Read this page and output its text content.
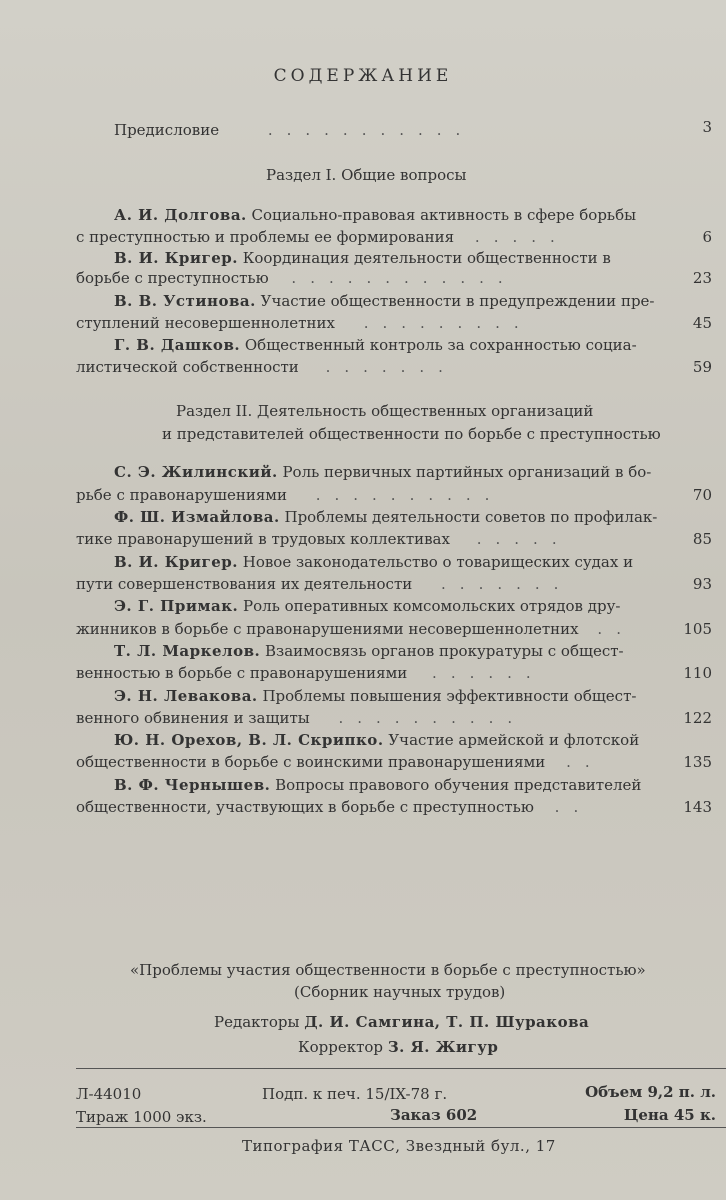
СОДЕРЖАНИЕ
Предисловие	...........	3
Раздел I. Общие вопросы
А. И. Долгова. Социально-правовая активность в сфере борьбы
с преступностью и проблемы ее формирования .....	6
В. И. Кригер. Координация деятельности общественности в
борьбе с преступностью ............	23
В. В. Устинова. Участие общественности в предупреждении пре-
ступлений несовершеннолетних .........	45
Г. В. Дашков. Общественный контроль за сохранностью социа-
листической собственности .......	59
Раздел II. Деятельность общественных организаций
и представителей общественности по борьбе с преступностью
С. Э. Жилинский. Роль первичных партийных организаций в бо-
рьбе с правонарушениями ..........	70
Ф. Ш. Измайлова. Проблемы деятельности советов по профилак-
тике правонарушений в трудовых коллективах .....	85
В. И. Кригер. Новое законодательство о товарищеских судах и
пути совершенствования их деятельности .......	93
Э. Г. Примак. Роль оперативных комсомольских отрядов дру-
жинников в борьбе с правонарушениями несовершеннолетних ..	105
Т. Л. Маркелов. Взаимосвязь органов прокуратуры с общест-
венностью в борьбе с правонарушениями ......	110
Э. Н. Левакова. Проблемы повышения эффективности общест-
венного обвинения и защиты ..........	122
Ю. Н. Орехов, В. Л. Скрипко. Участие армейской и флотской
общественности в борьбе с воинскими правонарушениями ..	135
В. Ф. Чернышев. Вопросы правового обучения представителей
общественности, участвующих в борьбе с преступностью ..	143
«Проблемы участия общественности в борьбе с преступностью»
(Сборник научных трудов)
Редакторы Д. И. Самгина, Т. П. Шуракова
Корректор З. Я. Жигур
Л-44010	Подп. к печ. 15/IX-78 г.	Объем 9,2 п. л.
Тираж 1000 экз.	Заказ 602	Цена 45 к.
Типография ТАСС, Звездный бул., 17
